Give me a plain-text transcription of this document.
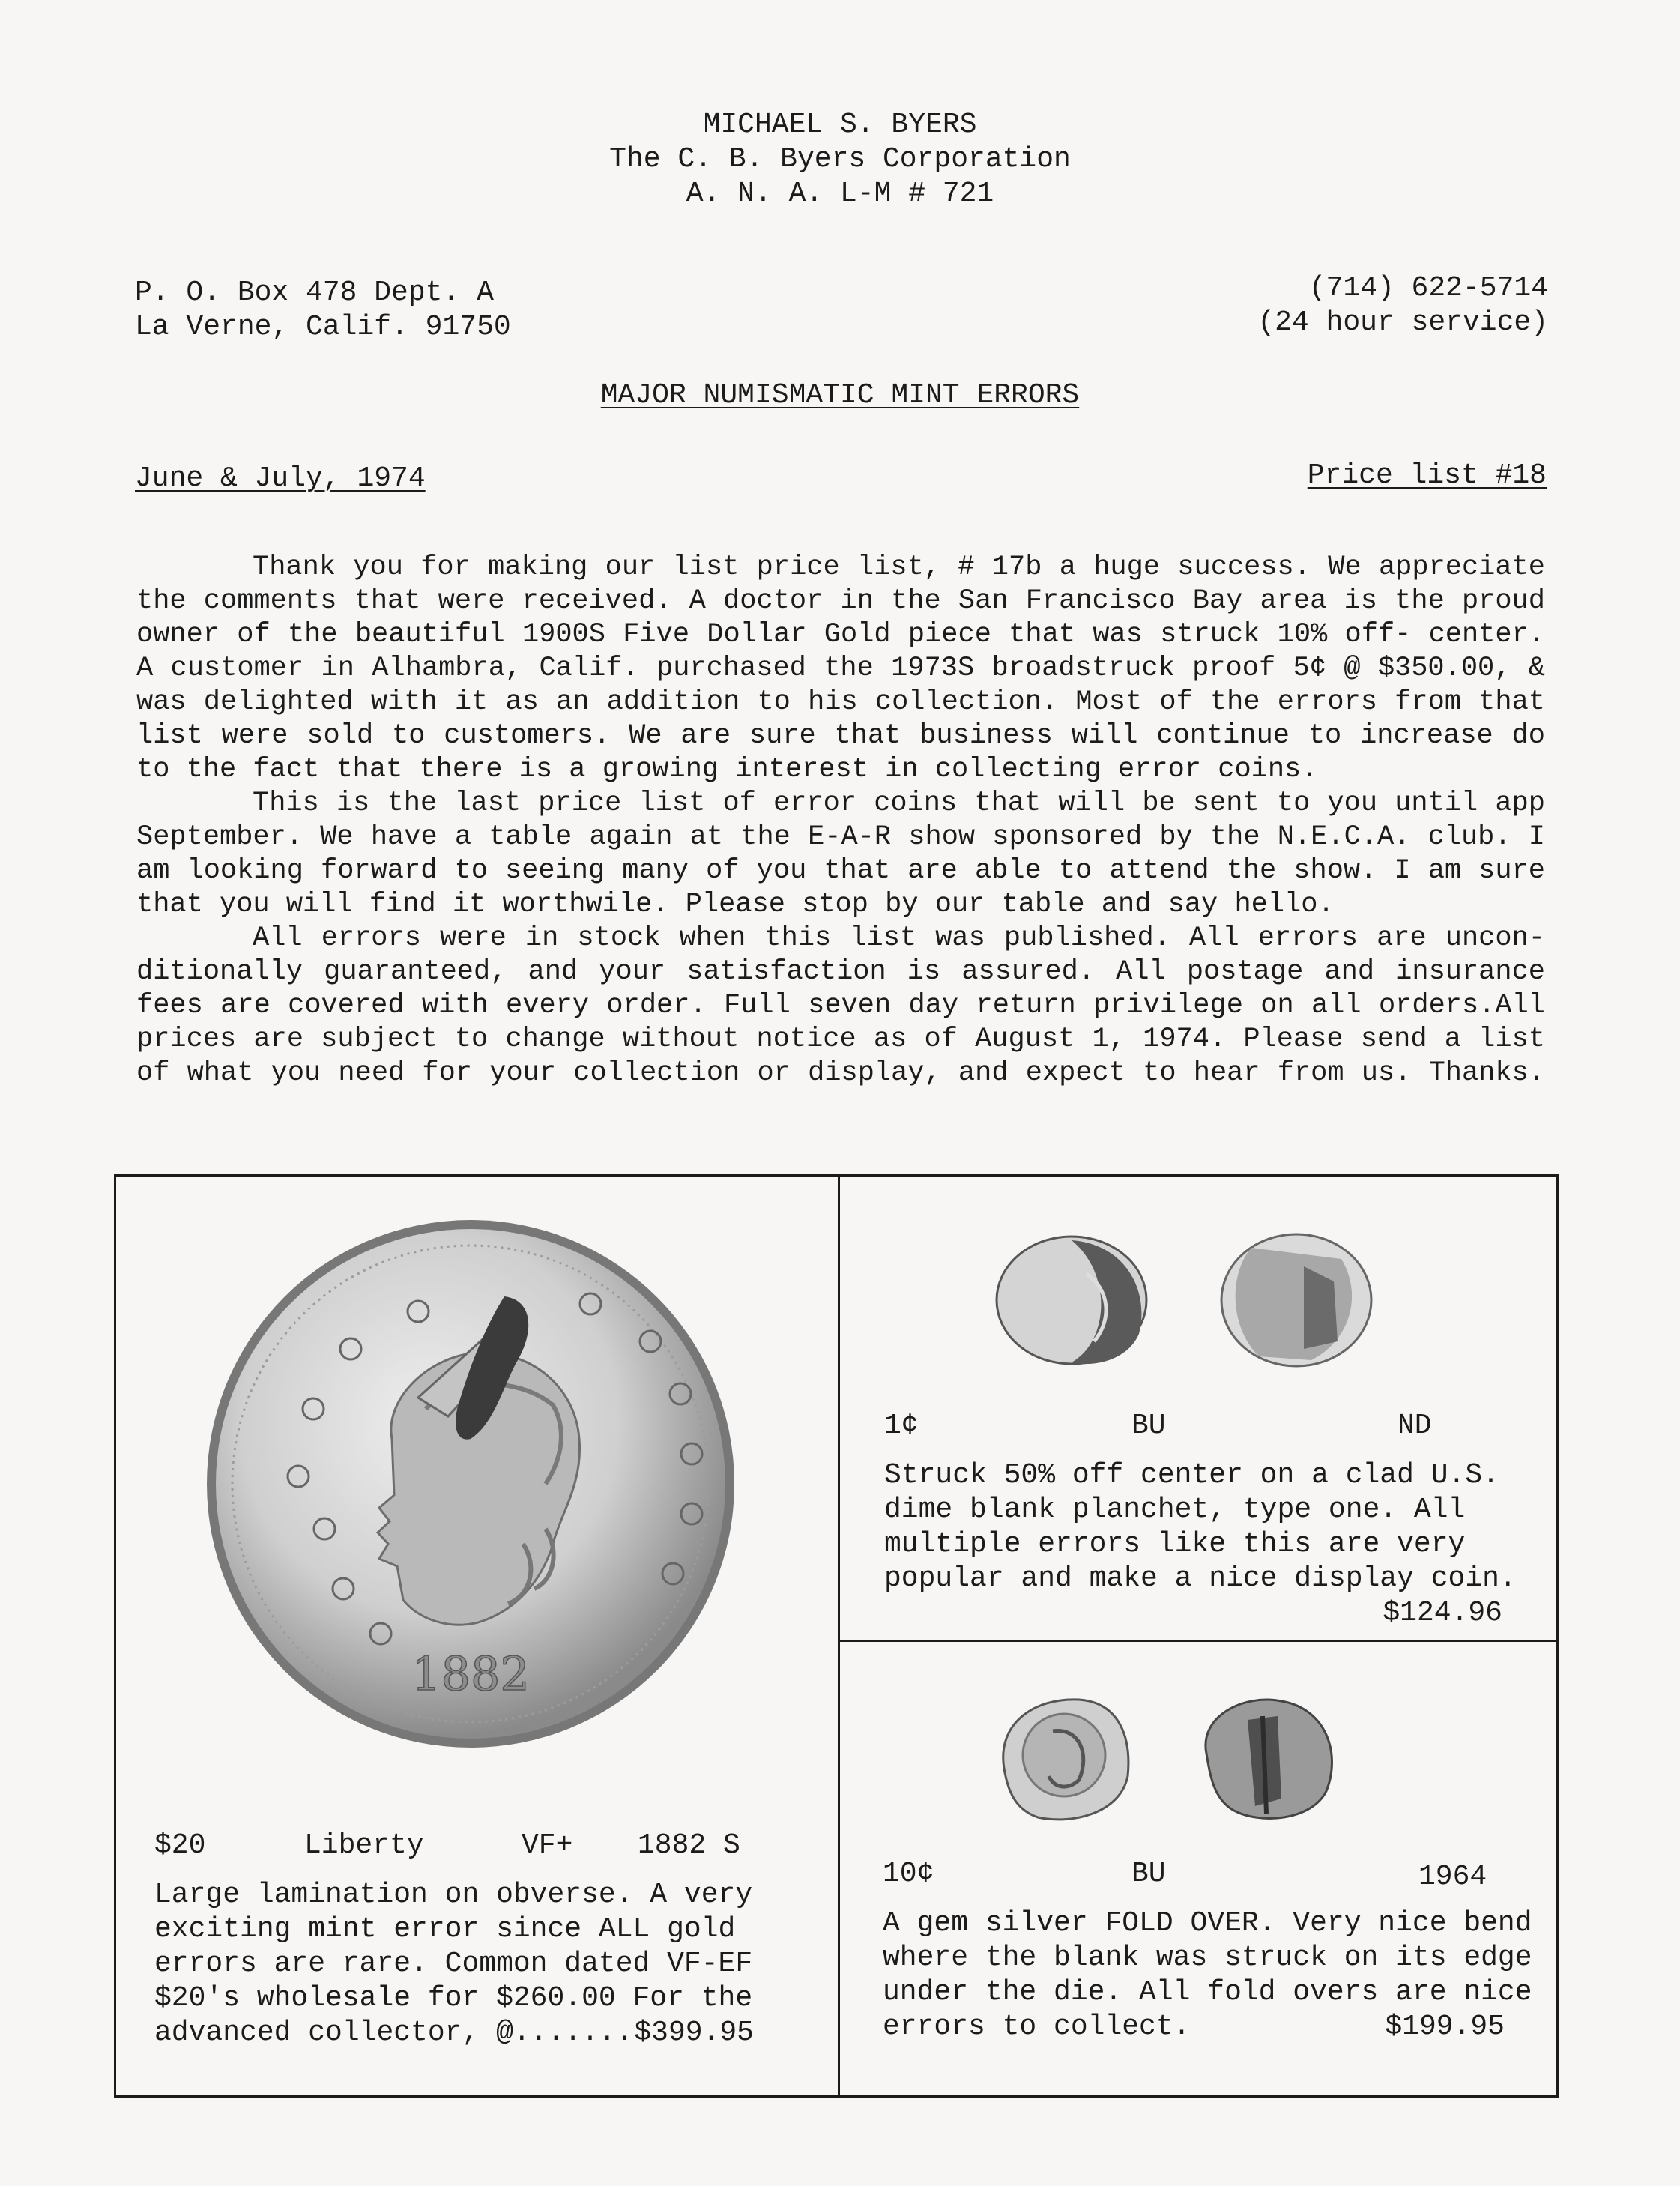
MICHAEL S. BYERS
The C. B. Byers Corporation
A. N. A. L-M # 721
P. O. Box 478 Dept. A
La Verne, Calif. 91750
(714) 622-5714
(24 hour service)
MAJOR NUMISMATIC MINT ERRORS
June & July, 1974	Price list #18
Thank you for making our list price list, # 17b a huge success. We appreciate
the comments that were received. A doctor in the San Francisco Bay area is the proud
owner of the beautiful 1900S Five Dollar Gold piece that was struck 10% off- center.
A customer in Alhambra, Calif. purchased the 1973S broadstruck proof 5¢ @ $350.00, &
was delighted with it as an addition to his collection. Most of the errors from that
list were sold to customers. We are sure that business will continue to increase do
to the fact that there is a growing interest in collecting error coins.
This is the last price list of error coins that will be sent to you until app
September. We have a table again at the E-A-R show sponsored by the N.E.C.A. club. I
am looking forward to seeing many of you that are able to attend the show. I am sure
that you will find it worthwile. Please stop by our table and say hello.
All errors were in stock when this list was published. All errors are uncon-
ditionally guaranteed, and your satisfaction is assured. All postage and insurance
fees are covered with every order. Full seven day return privilege on all orders.All
prices are subject to change without notice as of August 1, 1974. Please send a list
of what you need for your collection or display, and expect to hear from us. Thanks.
1882
$20	Liberty	VF+	1882 S
Large lamination on obverse. A very
exciting mint error since ALL gold
errors are rare. Common dated VF-EF
$20's wholesale for $260.00 For the
advanced collector, @....... $399.95
1¢	BU	ND
Struck 50% off center on a clad U.S.
dime blank planchet, type one. All
multiple errors like this are very
popular and make a nice display coin.
$124.96
10¢	BU	1964
A gem silver FOLD OVER. Very nice bend
where the blank was struck on its edge
under the die. All fold overs are nice
errors to collect.	$199.95
